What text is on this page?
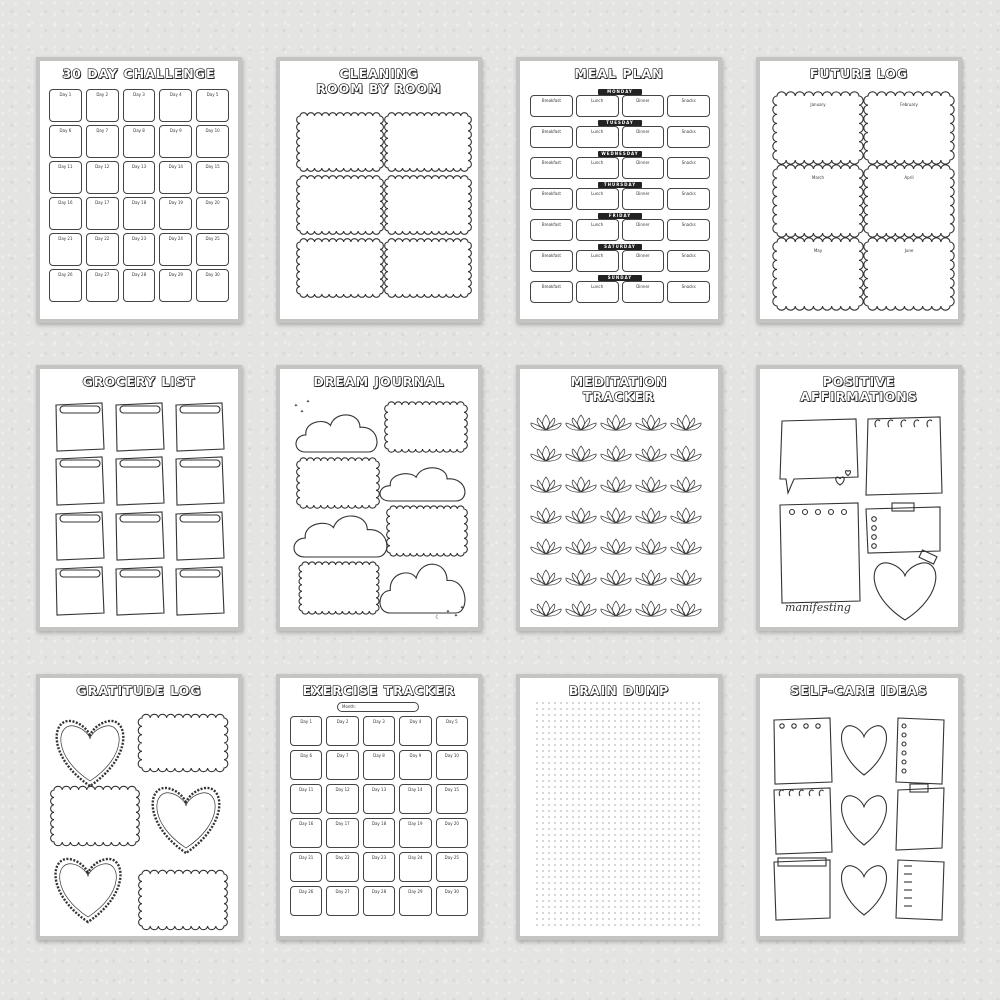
30 DAY CHALLENGE
Day 1	Day 2	Day 3	Day 4	Day 5
Day 6	Day 7	Day 8	Day 9	Day 10
Day 11	Day 12	Day 13	Day 14	Day 15
Day 16	Day 17	Day 18	Day 19	Day 20
Day 21	Day 22	Day 23	Day 24	Day 25
Day 26	Day 27	Day 28	Day 29	Day 30
CLEANING
ROOM BY ROOM
MEAL PLAN
MONDAY
Breakfast	Lunch	Dinner	Snacks
TUESDAY
Breakfast	Lunch	Dinner	Snacks
WEDNESDAY
Breakfast	Lunch	Dinner	Snacks
THURSDAY
Breakfast	Lunch	Dinner	Snacks
FRIDAY
Breakfast	Lunch	Dinner	Snacks
SATURDAY
Breakfast	Lunch	Dinner	Snacks
SUNDAY
Breakfast	Lunch	Dinner	Snacks
FUTURE LOG
January	February
March	April
May	June
GROCERY LIST	DREAM JOURNAL
✦
✦
✦
✦
✦
✦
☾
MEDITATION
TRACKER
POSITIVE
AFFIRMATIONS
manifesting
GRATITUDE LOG	EXERCISE TRACKER
Month:
Day 1	Day 2	Day 3	Day 4	Day 5
Day 6	Day 7	Day 8	Day 9	Day 10
Day 11	Day 12	Day 13	Day 14	Day 15
Day 16	Day 17	Day 18	Day 19	Day 20
Day 21	Day 22	Day 23	Day 24	Day 25
Day 26	Day 27	Day 28	Day 29	Day 30
BRAIN DUMP	SELF-CARE IDEAS
